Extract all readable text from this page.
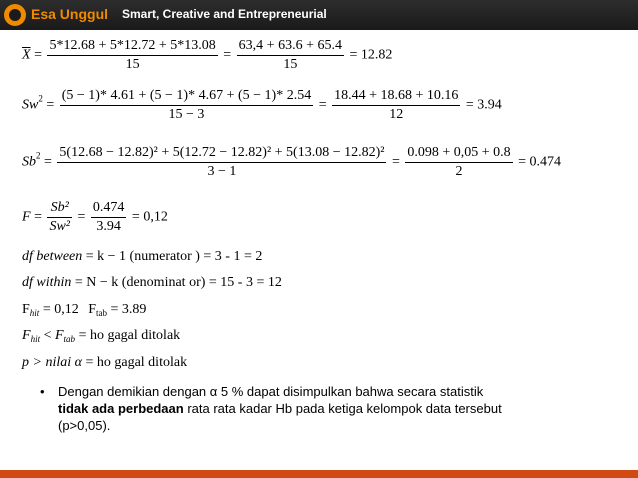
Esa Unggul Smart, Creative and Entrepreneurial
$\overline{X} = \frac{5*12.68 + 5*12.72 + 5*13.08}{15} = \frac{63,4 + 63.6 + 65.4}{15} = 12.82$
$Sw^2 = \frac{(5 - 1)* 4.61 + (5 - 1)* 4.67 + (5 - 1)* 2.54}{15 - 3} = \frac{18.44 + 18.68 + 10.16}{12} = 3.94$
$Sb^2 = \frac{\text{5(12.68 − 12.82)² + 5(12.72 − 12.82)² + 5(13.08 − 12.82)²}}{3 - 1} = \frac{0.098 + 0,05 + 0.8}{2} = 0.474$
$F = \frac{\text{Sb²}}{\text{Sw²}} = \frac{0.474}{3.94} = 0,12$
df between = k − 1 (numerator ) = 3 - 1 = 2
df within = N − k (denominat or) = 15 - 3 = 12
$F_{hit} = 0,12$ $F_{tab} = 3.89$
$F_{hit} < F_{tab}$ = ho gagal ditolak
p > nilai α = ho gagal ditolak
• Dengan demikian dengan α 5 % dapat disimpulkan bahwa secara statistik
tidak ada perbedaan rata rata kadar Hb pada ketiga kelompok data tersebut
(p>0,05).
